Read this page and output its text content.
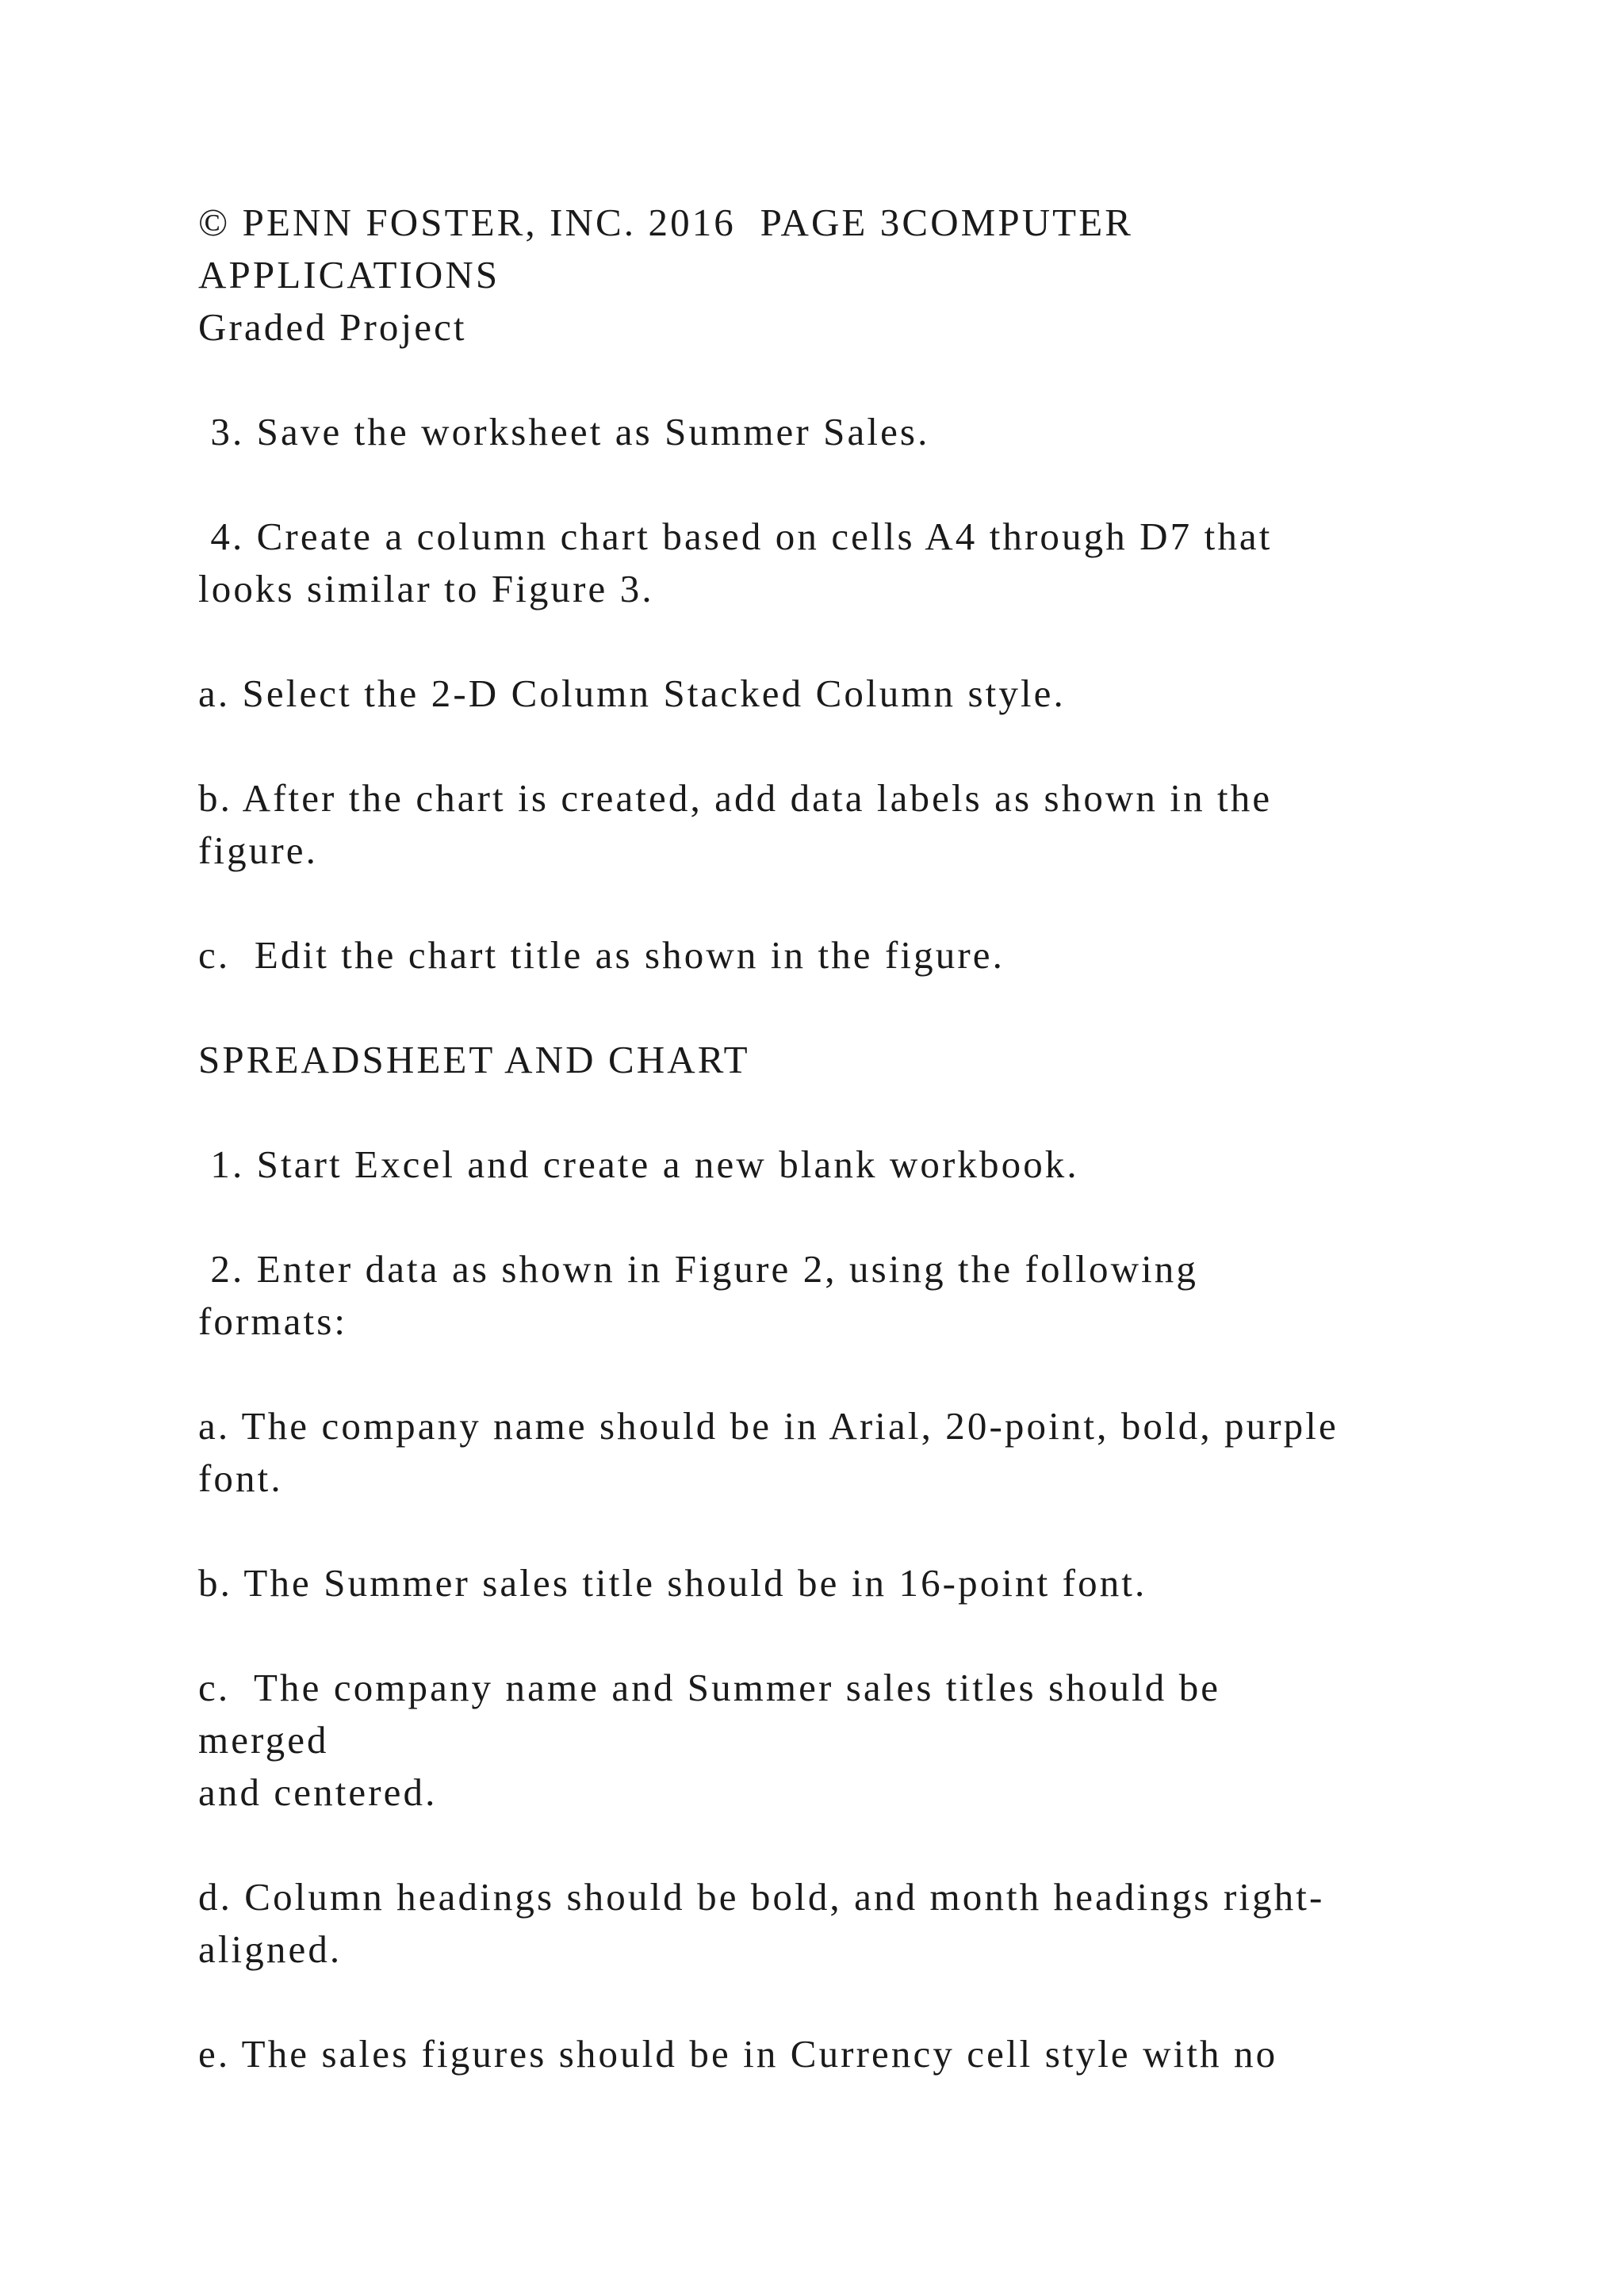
© PENN FOSTER, INC. 2016  PAGE 3COMPUTER

APPLICATIONS

Graded Project

3. Save the worksheet as Summer Sales.

4. Create a column chart based on cells A4 through D7 that

looks similar to Figure 3.

a. Select the 2-D Column Stacked Column style.

b. After the chart is created, add data labels as shown in the

figure.

c.  Edit the chart title as shown in the figure.

SPREADSHEET AND CHART

1. Start Excel and create a new blank workbook.

2. Enter data as shown in Figure 2, using the following

formats:

a. The company name should be in Arial, 20-point, bold, purple

font.

b. The Summer sales title should be in 16-point font.

c.  The company name and Summer sales titles should be

merged

and centered.

d. Column headings should be bold, and month headings right-

aligned.

e. The sales figures should be in Currency cell style with no
